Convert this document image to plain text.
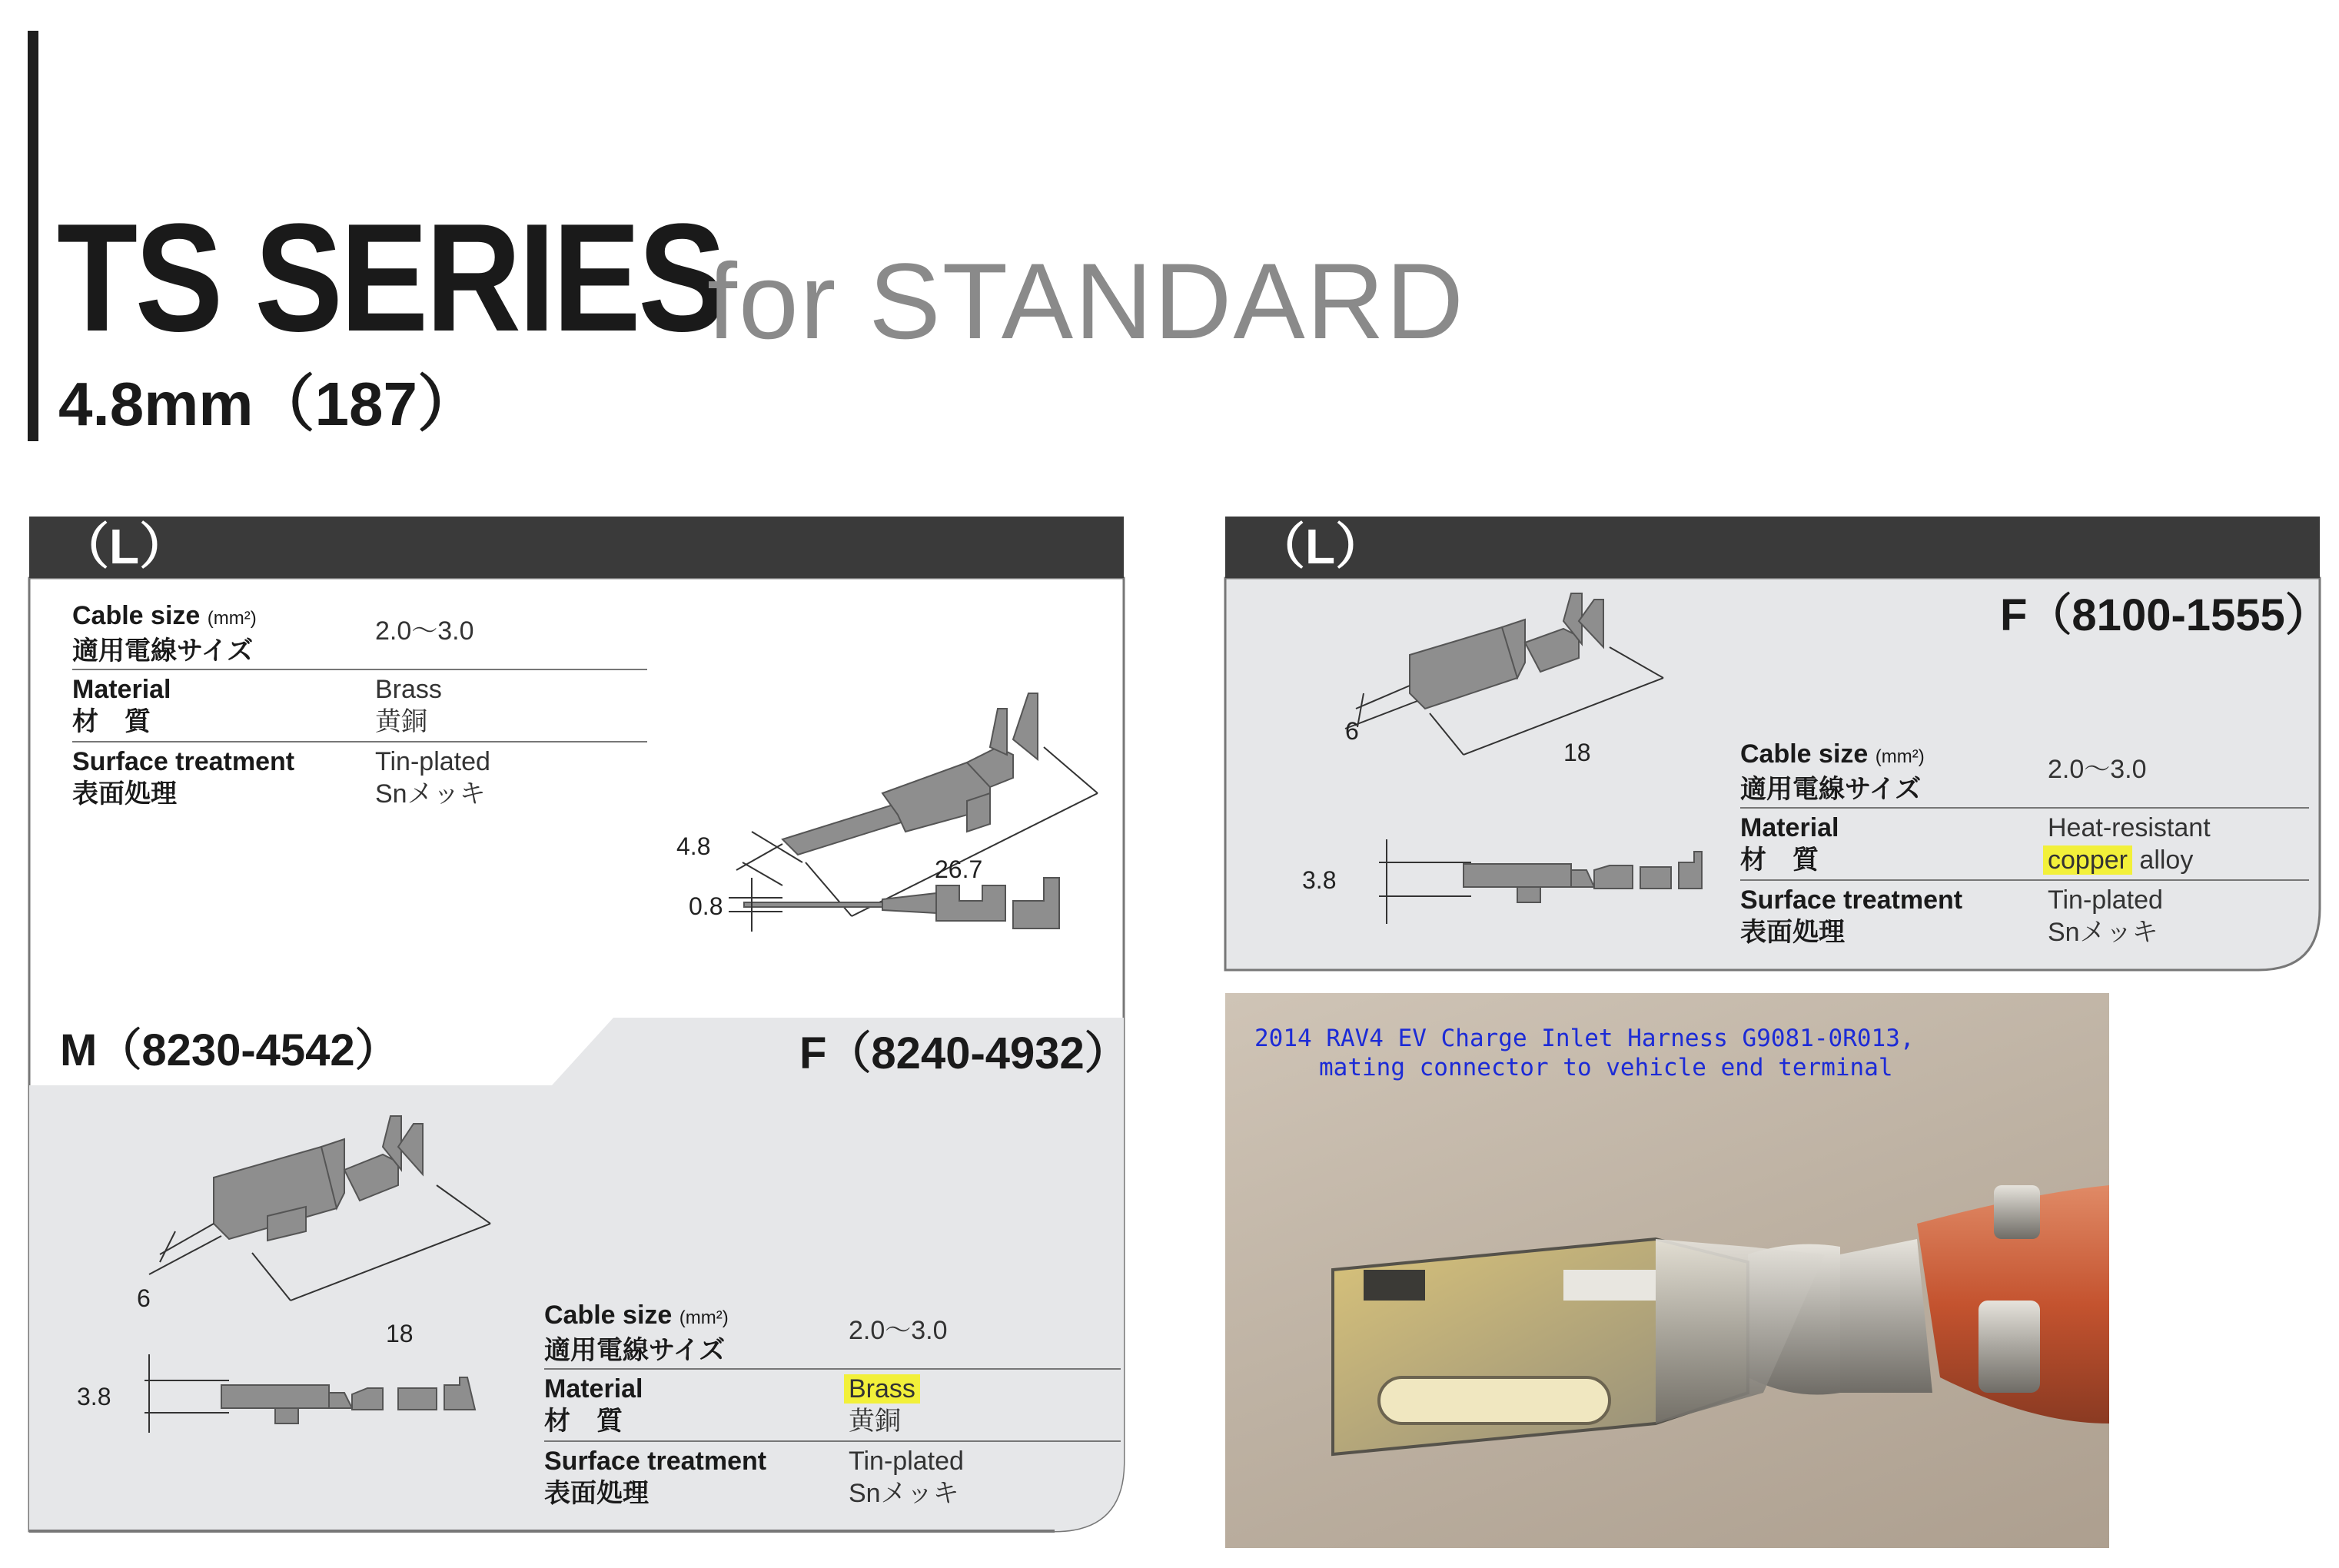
TS SERIES
for STANDARD
4.8mm（187）
（L）
Cable size (mm²)
適用電線サイズ
2.0〜3.0
Material
材　質
Brass
黄銅
Surface treatment
表面処理
Tin-plated
Snメッキ
4.8
26.7
0.8
M（8230-4542）	F（8240-4932）
6
18
3.8
Cable size (mm²)
適用電線サイズ
2.0〜3.0
Material
材　質
Brass
黄銅
Surface treatment
表面処理
Tin-plated
Snメッキ
（L）
F（8100-1555）
6
18
3.8
Cable size (mm²)
適用電線サイズ
2.0〜3.0
Material
材　質
Heat-resistant
copper alloy
Surface treatment
表面処理
Tin-plated
Snメッキ
2014 RAV4 EV Charge Inlet Harness G9081-0R013,
mating connector to vehicle end terminal
